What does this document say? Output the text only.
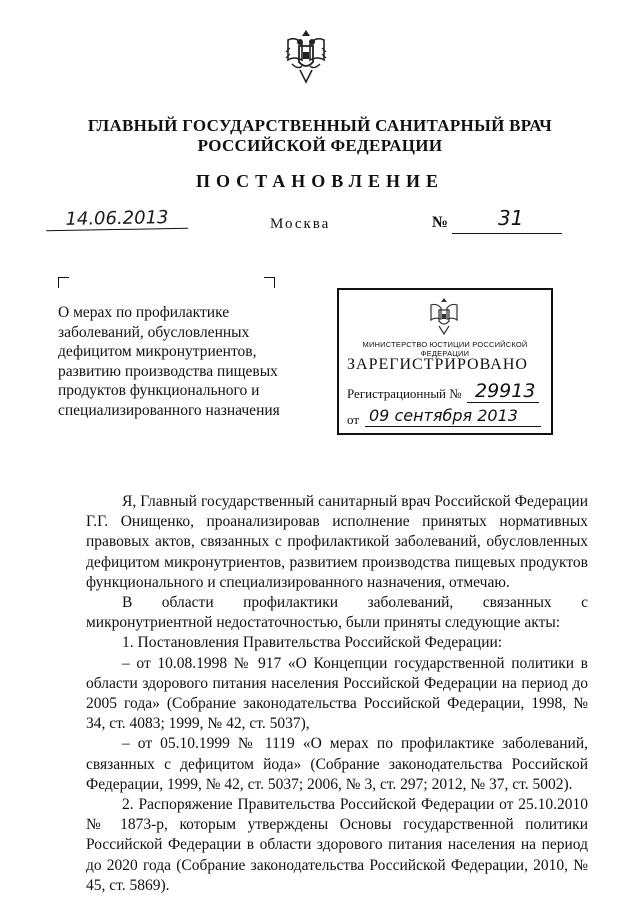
ГЛАВНЫЙ ГОСУДАРСТВЕННЫЙ САНИТАРНЫЙ ВРАЧ
РОССИЙСКОЙ ФЕДЕРАЦИИ
ПОСТАНОВЛЕНИЕ
14.06.2013	Москва	№ 31
О мерах по профилактике заболеваний, обусловленных дефицитом микронутриентов, развитию производства пищевых продуктов функционального и специализированного назначения
МИНИСТЕРСТВО ЮСТИЦИИ РОССИЙСКОЙ ФЕДЕРАЦИИ
ЗАРЕГИСТРИРОВАНО
Регистрационный № 29913
от 09 сентября 2013

Я, Главный государственный санитарный врач Российской Федерации Г.Г. Онищенко, проанализировав исполнение принятых нормативных правовых актов, связанных с профилактикой заболеваний, обусловленных дефицитом микронутриентов, развитием производства пищевых продуктов функционального и специализированного назначения, отмечаю.

В области профилактики заболеваний, связанных с микронутриентной недостаточностью, были приняты следующие акты:

1. Постановления Правительства Российской Федерации:

– от 10.08.1998 № 917 «О Концепции государственной политики в области здорового питания населения Российской Федерации на период до 2005 года» (Собрание законодательства Российской Федерации, 1998, № 34, ст. 4083; 1999, № 42, ст. 5037),

– от 05.10.1999 № 1119 «О мерах по профилактике заболеваний, связанных с дефицитом йода» (Собрание законодательства Российской Федерации, 1999, № 42, ст. 5037; 2006, № 3, ст. 297; 2012, № 37, ст. 5002).

2. Распоряжение Правительства Российской Федерации от 25.10.2010 № 1873-р, которым утверждены Основы государственной политики Российской Федерации в области здорового питания населения на период до 2020 года (Собрание законодательства Российской Федерации, 2010, № 45, ст. 5869).
